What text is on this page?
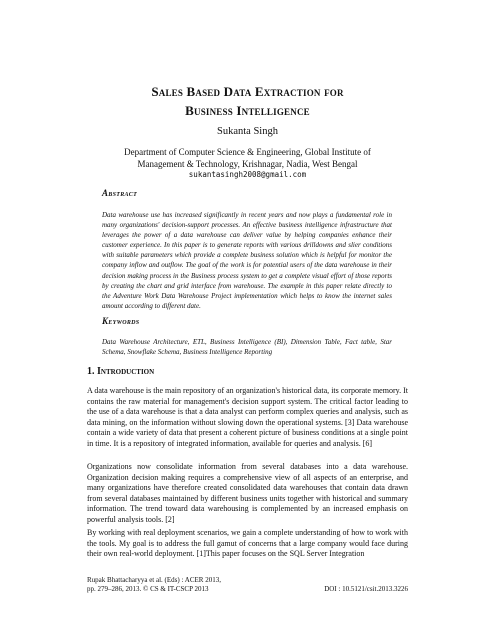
Sales Based Data Extraction for
Business Intelligence
Sukanta Singh
Department of Computer Science & Engineering, Global Institute of
Management & Technology, Krishnagar, Nadia, West Bengal
sukantasingh2008@gmail.com
Abstract
Data warehouse use has increased significantly in recent years and now plays a fundamental role in many organizations' decision-support processes. An effective business intelligence infrastructure that leverages the power of a data warehouse can deliver value by helping companies enhance their customer experience. In this paper is to generate reports with various drilldowns and slier conditions with suitable parameters which provide a complete business solution which is helpful for monitor the company inflow and outflow. The goal of the work is for potential users of the data warehouse in their decision making process in the Business process system to get a complete visual effort of those reports by creating the chart and grid interface from warehouse. The example in this paper relate directly to the Adventure Work Data Warehouse Project implementation which helps to know the internet sales amount according to different date.
Keywords
Data Warehouse Architecture, ETL, Business Intelligence (BI), Dimension Table, Fact table, Star Schema, Snowflake Schema, Business Intelligence Reporting
1. Introduction
A data warehouse is the main repository of an organization's historical data, its corporate memory. It contains the raw material for management's decision support system. The critical factor leading to the use of a data warehouse is that a data analyst can perform complex queries and analysis, such as data mining, on the information without slowing down the operational systems. [3] Data warehouse contain a wide variety of data that present a coherent picture of business conditions at a single point in time. It is a repository of integrated information, available for queries and analysis. [6]
Organizations now consolidate information from several databases into a data warehouse. Organization decision making requires a comprehensive view of all aspects of an enterprise, and many organizations have therefore created consolidated data warehouses that contain data drawn from several databases maintained by different business units together with historical and summary information. The trend toward data warehousing is complemented by an increased emphasis on powerful analysis tools. [2]
By working with real deployment scenarios, we gain a complete understanding of how to work with the tools. My goal is to address the full gamut of concerns that a large company would face during their own real-world deployment. [1]This paper focuses on the SQL Server Integration
Rupak Bhattacharyya et al. (Eds) : ACER 2013,
pp. 279–286, 2013. © CS & IT-CSCP 2013	DOI : 10.5121/csit.2013.3226
